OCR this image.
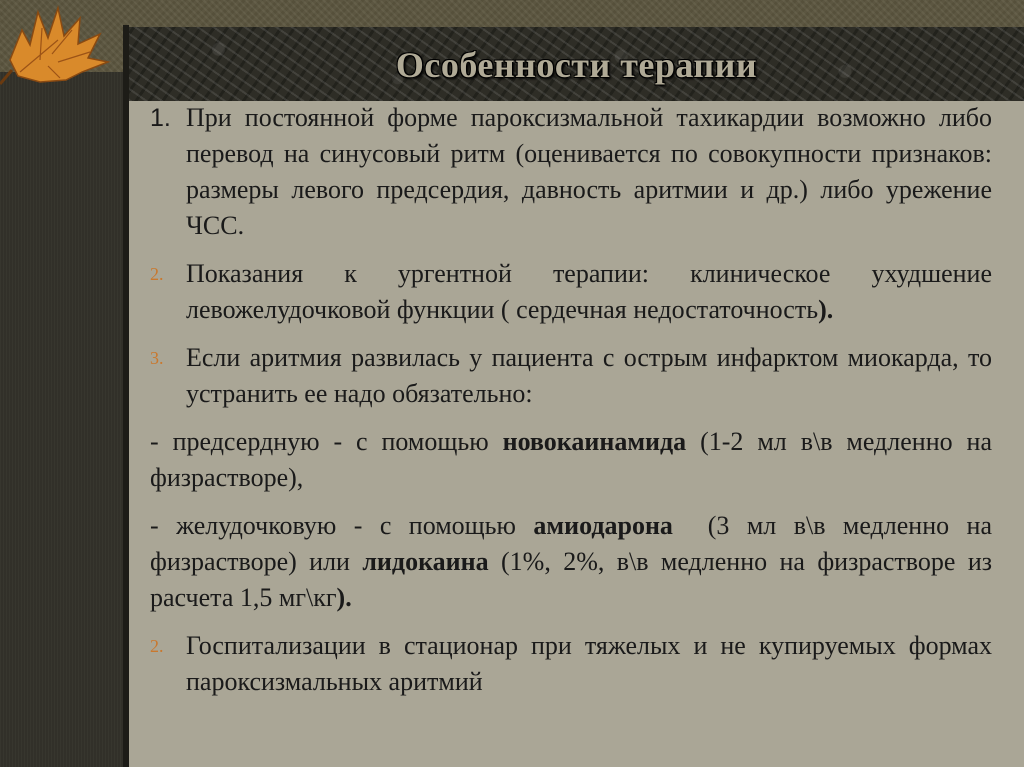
Особенности терапии
1. При постоянной форме пароксизмальной тахикардии возможно либо перевод на синусовый ритм (оценивается по совокупности признаков: размеры левого предсердия, давность аритмии и др.) либо урежение ЧСС.
2. Показания к ургентной терапии: клиническое ухудшение левожелудочковой функции ( сердечная недостаточность).
3. Если аритмия развилась у пациента с острым инфарктом миокарда, то устранить ее надо обязательно:
- предсердную - с помощью новокаинамида (1-2 мл в\в медленно на физрастворе),
- желудочковую - с помощью амиодарона  (3 мл в\в медленно на физрастворе) или лидокаина (1%, 2%, в\в медленно на физрастворе из расчета 1,5 мг\кг).
2. Госпитализации в стационар при тяжелых и не купируемых формах пароксизмальных аритмий
